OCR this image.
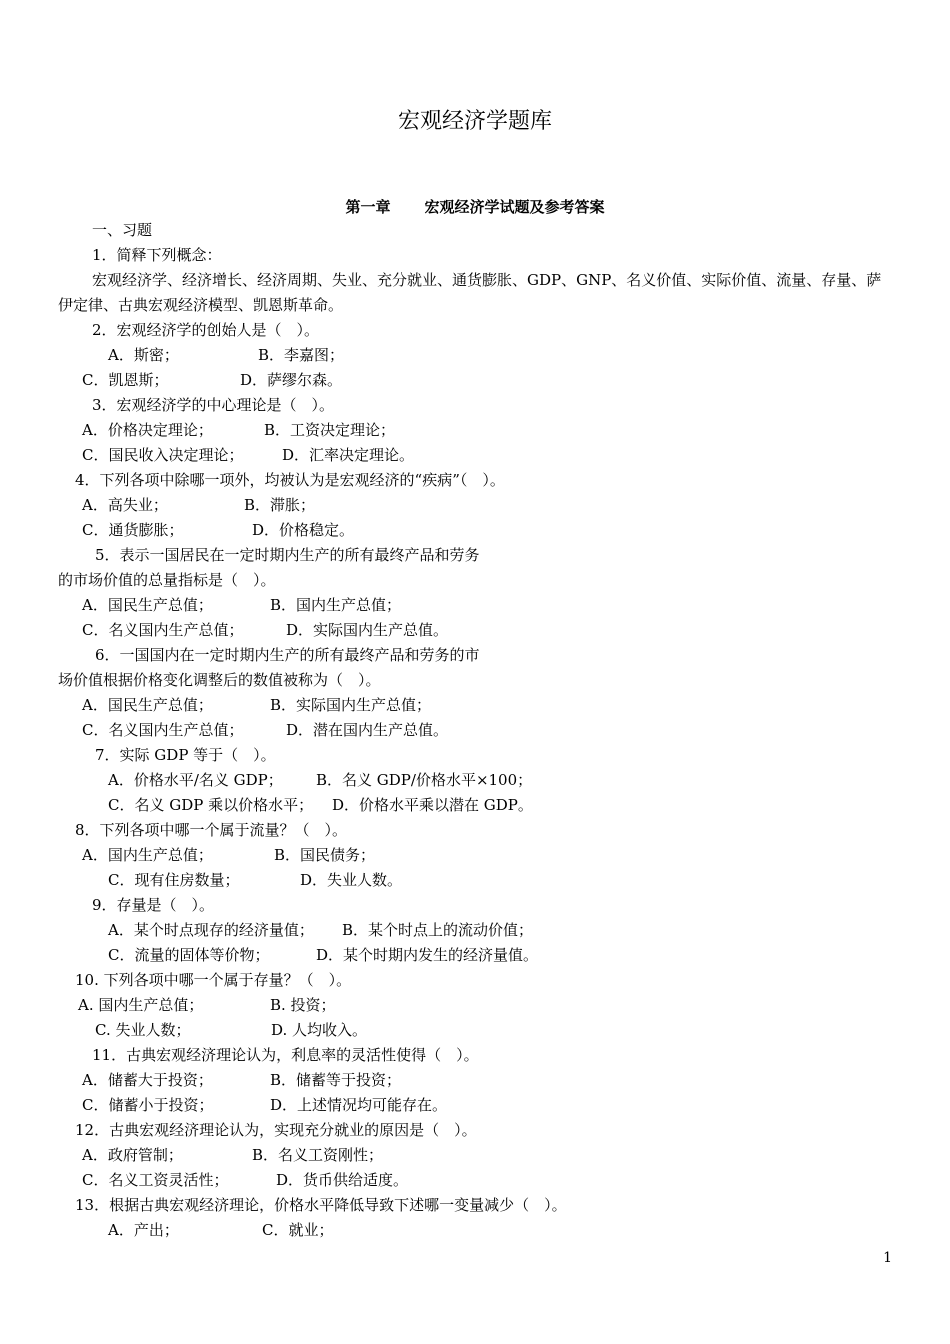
宏观经济学题库
第一章 宏观经济学试题及参考答案
一、习题
1．简释下列概念：
宏观经济学、经济增长、经济周期、失业、充分就业、通货膨胀、GDP、GNP、名义价值、实际价值、流量、存量、萨
伊定律、古典宏观经济模型、凯恩斯革命。
2．宏观经济学的创始人是（　）。
A．斯密；	B．李嘉图；
C．凯恩斯；	D．萨缪尔森。
3．宏观经济学的中心理论是（　）。
A．价格决定理论；	B．工资决定理论；
C．国民收入决定理论；	D．汇率决定理论。
4．下列各项中除哪一项外，均被认为是宏观经济的“疾病”（　）。
A．高失业；	B．滞胀；
C．通货膨胀；	D．价格稳定。
5．表示一国居民在一定时期内生产的所有最终产品和劳务
的市场价值的总量指标是（　）。
A．国民生产总值；	B．国内生产总值；
C．名义国内生产总值；	D．实际国内生产总值。
6．一国国内在一定时期内生产的所有最终产品和劳务的市
场价值根据价格变化调整后的数值被称为（　）。
A．国民生产总值；	B．实际国内生产总值；
C．名义国内生产总值；	D．潜在国内生产总值。
7．实际 GDP 等于（　）。
A．价格水平/名义 GDP； B．名义 GDP/价格水平×100；
C．名义 GDP 乘以价格水平； D．价格水平乘以潜在 GDP。
8．下列各项中哪一个属于流量？（　）。
A．国内生产总值；	B．国民债务；
C．现有住房数量；	D．失业人数。
9．存量是（　）。
A．某个时点现存的经济量值； B．某个时点上的流动价值；
C．流量的固体等价物；	D．某个时期内发生的经济量值。
10. 下列各项中哪一个属于存量？（　）。
A. 国内生产总值；	B. 投资；
C. 失业人数；	D. 人均收入。
11．古典宏观经济理论认为，利息率的灵活性使得（　）。
A．储蓄大于投资；	B．储蓄等于投资；
C．储蓄小于投资；	D．上述情况均可能存在。
12．古典宏观经济理论认为，实现充分就业的原因是（　）。
A．政府管制；	B．名义工资刚性；
C．名义工资灵活性；	D．货币供给适度。
13．根据古典宏观经济理论，价格水平降低导致下述哪一变量减少（　）。
A．产出；	C．就业；
1
